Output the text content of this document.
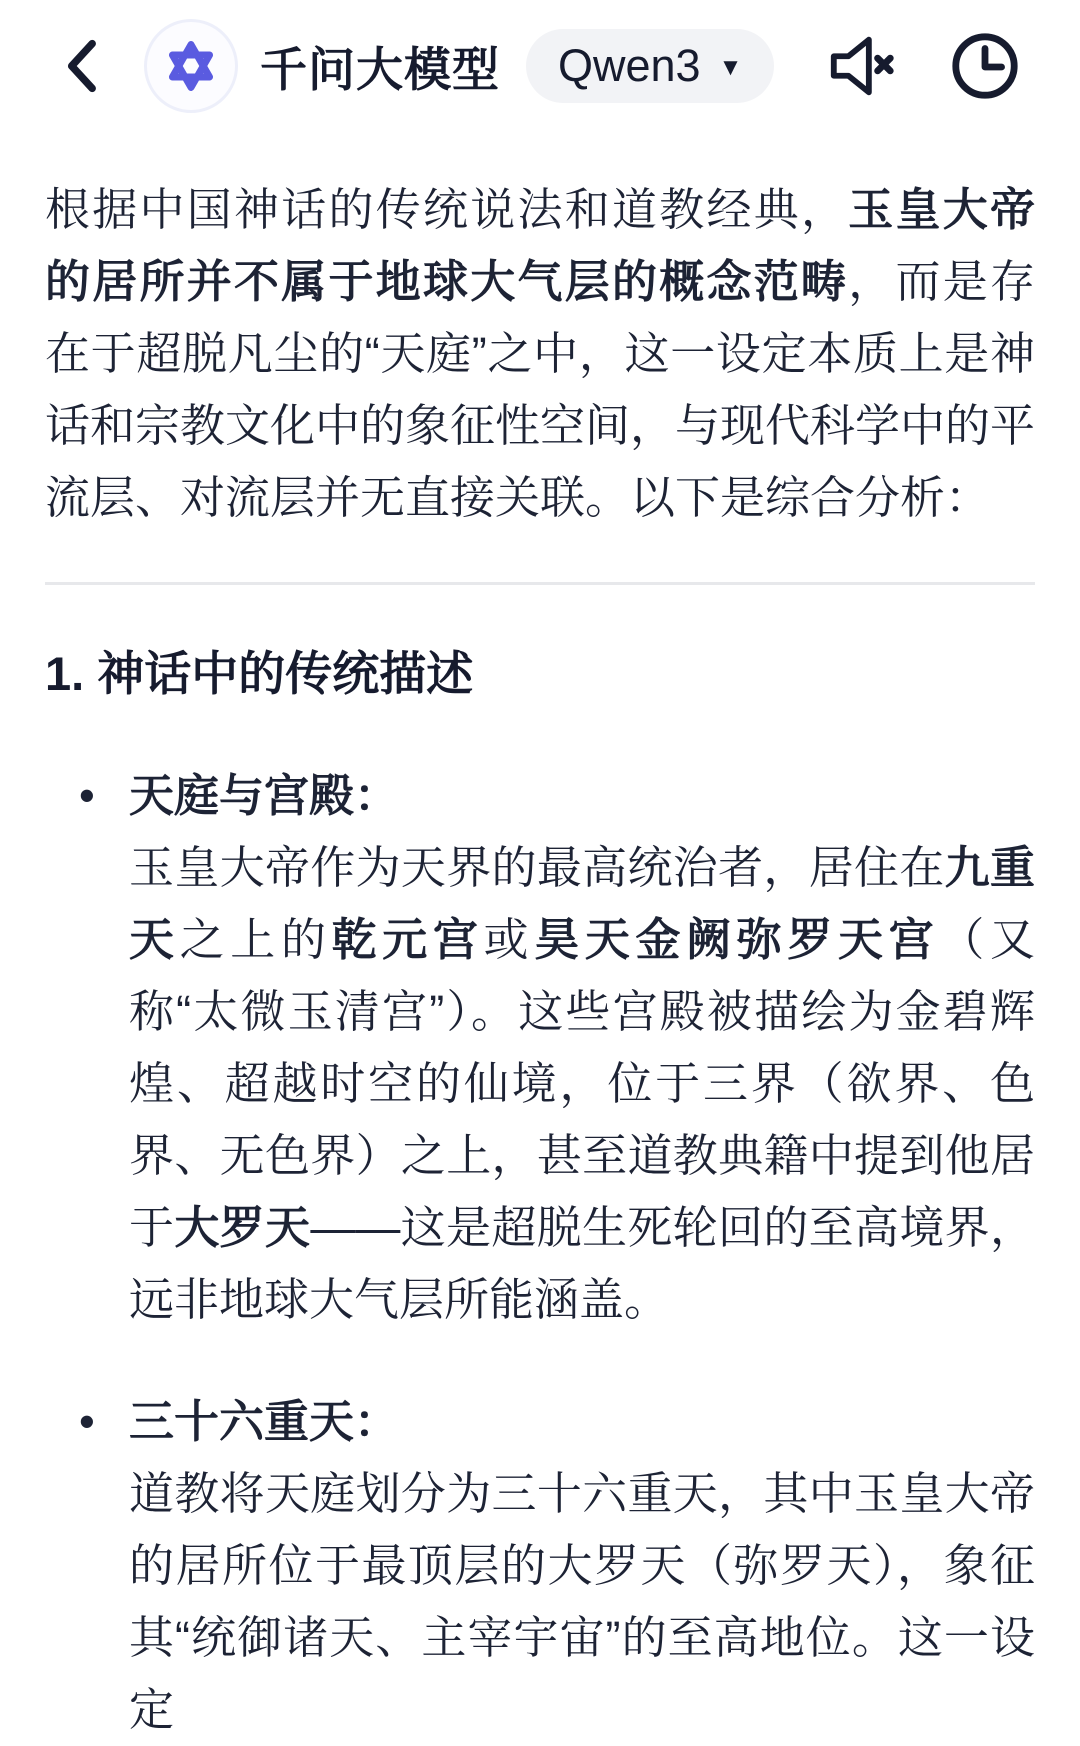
千问大模型 Qwen3 ▼

根据中国神话的传统说法和道教经典，玉皇大帝的居所并不属于地球大气层的概念范畴，而是存在于超脱凡尘的“天庭”之中，这一设定本质上是神话和宗教文化中的象征性空间，与现代科学中的平流层、对流层并无直接关联。以下是综合分析：

1. 神话中的传统描述
• 天庭与宫殿：
玉皇大帝作为天界的最高统治者，居住在九重天之上的乾元宫或昊天金阙弥罗天宫（又称“太微玉清宫”）。这些宫殿被描绘为金碧辉煌、超越时空的仙境，位于三界（欲界、色界、无色界）之上，甚至道教典籍中提到他居于大罗天——这是超脱生死轮回的至高境界，远非地球大气层所能涵盖。
• 三十六重天：
道教将天庭划分为三十六重天，其中玉皇大帝的居所位于最顶层的大罗天（弥罗天），象征其“统御诸天、主宰宇宙”的至高地位。这一设定
